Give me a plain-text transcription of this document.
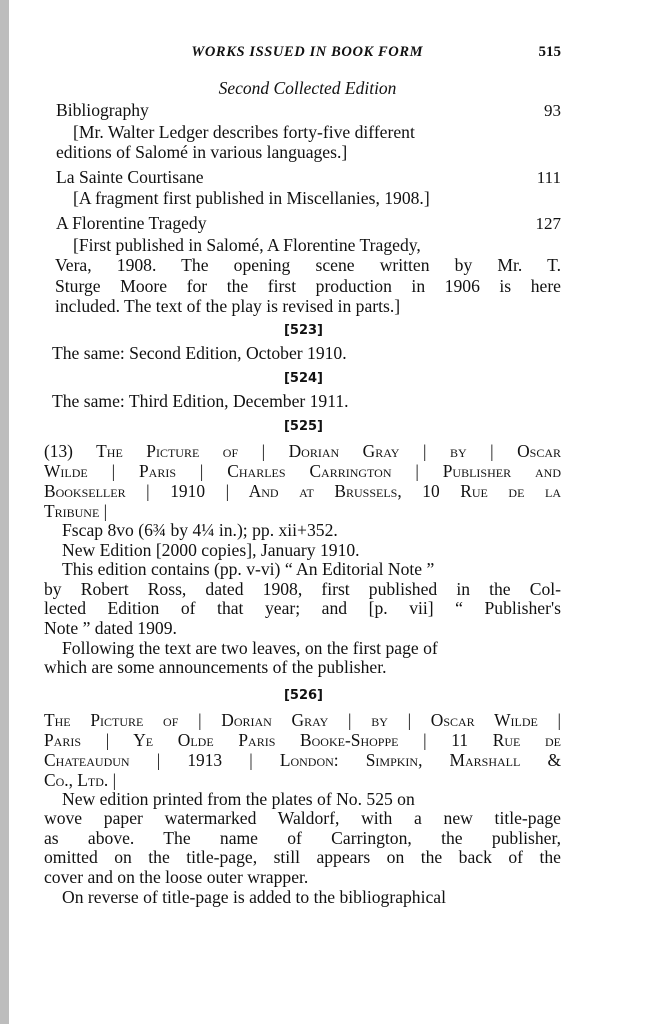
WORKS ISSUED IN BOOK FORM	515
Second Collected Edition
Bibliography	93
[Mr. Walter Ledger describes forty-five different
editions of Salomé in various languages.]
La Sainte Courtisane	111
[A fragment first published in Miscellanies, 1908.]
A Florentine Tragedy	127
[First published in Salomé, A Florentine Tragedy,
Vera, 1908. The opening scene written by Mr. T.
Sturge Moore for the first production in 1906 is here
included. The text of the play is revised in parts.]
[523]
The same: Second Edition, October 1910.
[524]
The same: Third Edition, December 1911.
[525]
(13) The Picture of | Dorian Gray | by | Oscar
Wilde | Paris | Charles Carrington | Publisher and
Bookseller | 1910 | And at Brussels, 10 Rue de la
Tribune |
Fscap 8vo (6¾ by 4¼ in.); pp. xii+352.
New Edition [2000 copies], January 1910.
This edition contains (pp. v-vi) “ An Editorial Note ”
by Robert Ross, dated 1908, first published in the Col-
lected Edition of that year; and [p. vii] “ Publisher's
Note ” dated 1909.
Following the text are two leaves, on the first page of
which are some announcements of the publisher.
[526]
The Picture of | Dorian Gray | by | Oscar Wilde |
Paris | Ye Olde Paris Booke-Shoppe | 11 Rue de
Chateaudun | 1913 | London: Simpkin, Marshall &
Co., Ltd. |
New edition printed from the plates of No. 525 on
wove paper watermarked Waldorf, with a new title-page
as above. The name of Carrington, the publisher,
omitted on the title-page, still appears on the back of the
cover and on the loose outer wrapper.
On reverse of title-page is added to the bibliographical
